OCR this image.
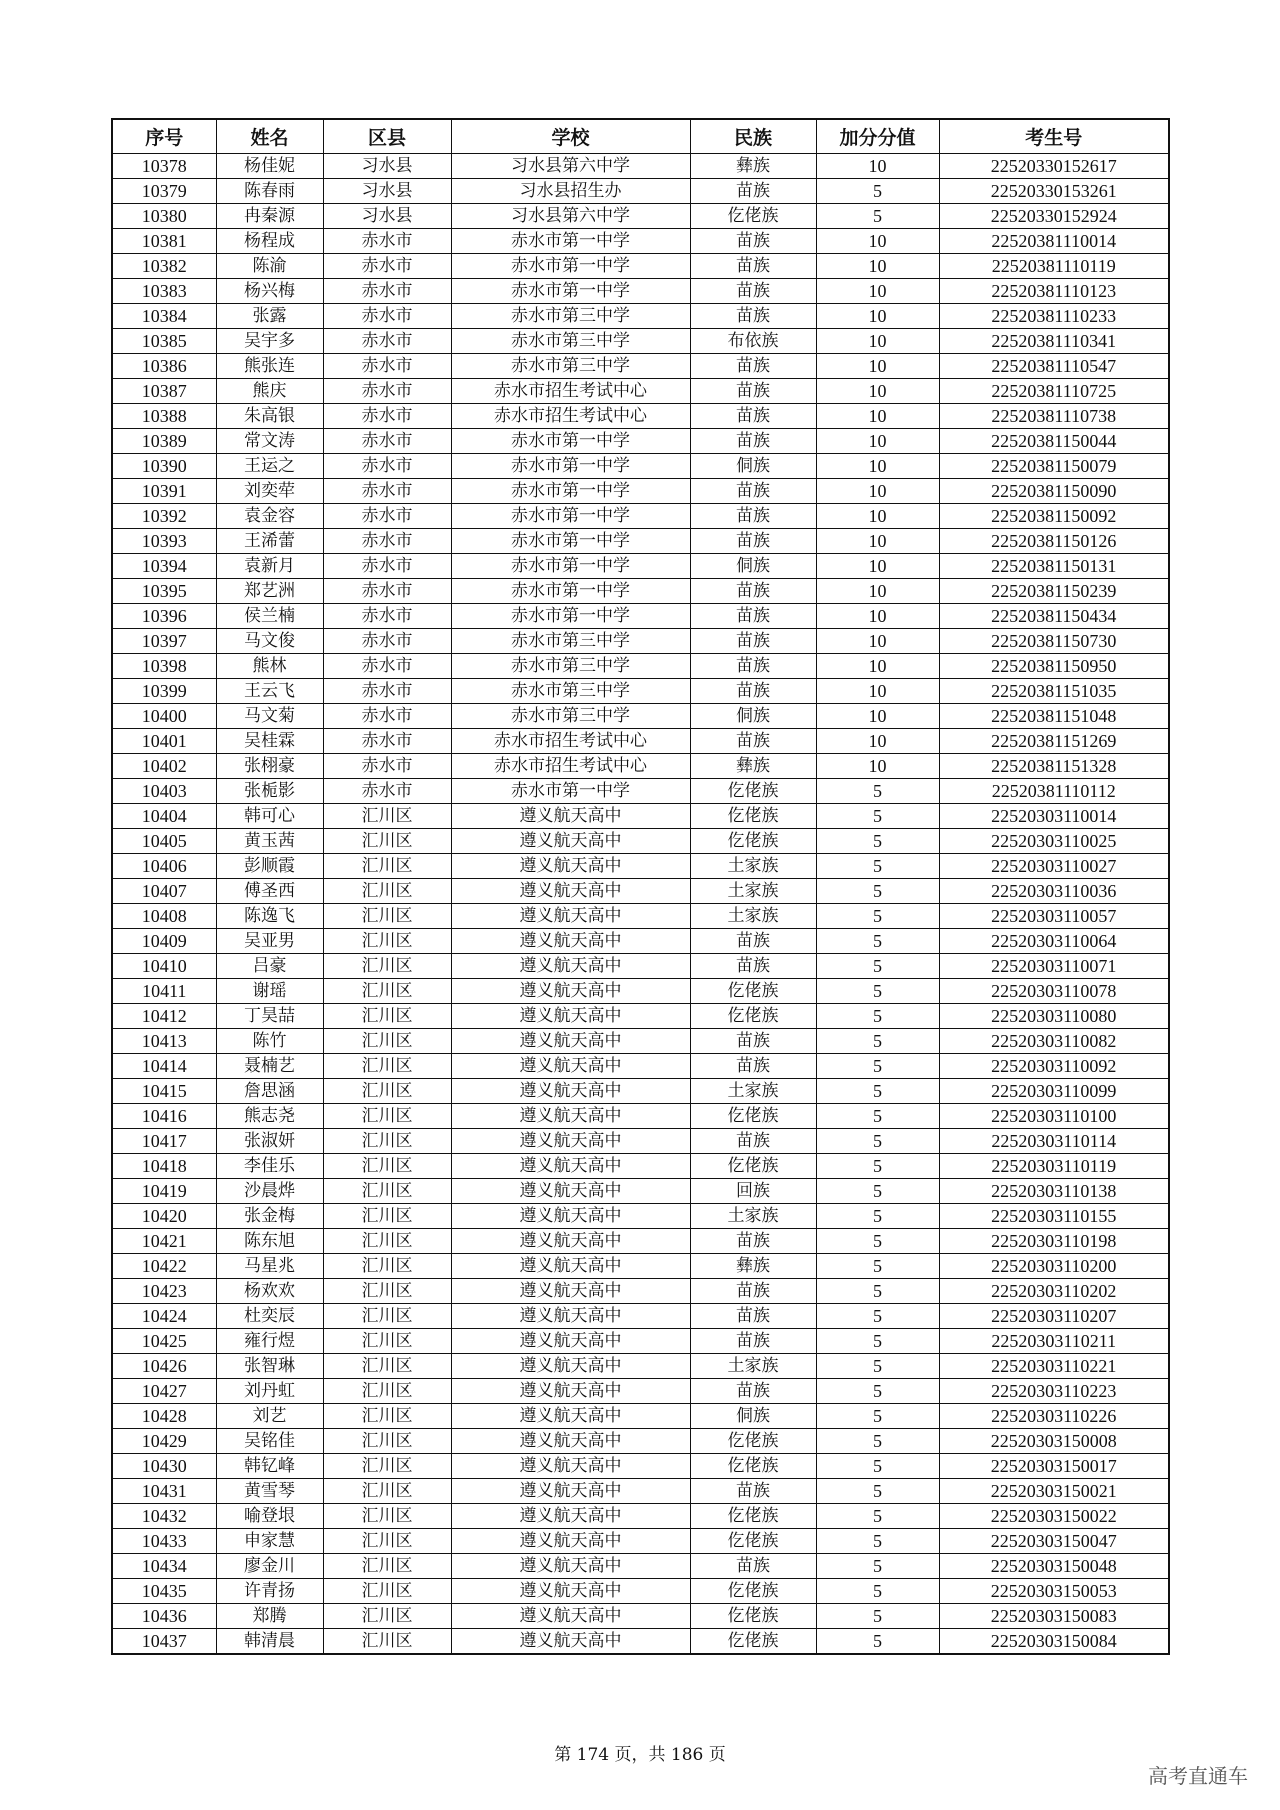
序号	姓名	区县	学校	民族	加分分值	考生号
10378	杨佳妮	习水县	习水县第六中学	彝族	10	22520330152617
10379	陈春雨	习水县	习水县招生办	苗族	5	22520330153261
10380	冉秦源	习水县	习水县第六中学	仡佬族	5	22520330152924
10381	杨程成	赤水市	赤水市第一中学	苗族	10	22520381110014
10382	陈渝	赤水市	赤水市第一中学	苗族	10	22520381110119
10383	杨兴梅	赤水市	赤水市第一中学	苗族	10	22520381110123
10384	张露	赤水市	赤水市第三中学	苗族	10	22520381110233
10385	吴宇多	赤水市	赤水市第三中学	布依族	10	22520381110341
10386	熊张连	赤水市	赤水市第三中学	苗族	10	22520381110547
10387	熊庆	赤水市	赤水市招生考试中心	苗族	10	22520381110725
10388	朱高银	赤水市	赤水市招生考试中心	苗族	10	22520381110738
10389	常文涛	赤水市	赤水市第一中学	苗族	10	22520381150044
10390	王运之	赤水市	赤水市第一中学	侗族	10	22520381150079
10391	刘奕荦	赤水市	赤水市第一中学	苗族	10	22520381150090
10392	袁金容	赤水市	赤水市第一中学	苗族	10	22520381150092
10393	王浠蕾	赤水市	赤水市第一中学	苗族	10	22520381150126
10394	袁新月	赤水市	赤水市第一中学	侗族	10	22520381150131
10395	郑艺洲	赤水市	赤水市第一中学	苗族	10	22520381150239
10396	侯兰楠	赤水市	赤水市第一中学	苗族	10	22520381150434
10397	马文俊	赤水市	赤水市第三中学	苗族	10	22520381150730
10398	熊林	赤水市	赤水市第三中学	苗族	10	22520381150950
10399	王云飞	赤水市	赤水市第三中学	苗族	10	22520381151035
10400	马文菊	赤水市	赤水市第三中学	侗族	10	22520381151048
10401	吴桂霖	赤水市	赤水市招生考试中心	苗族	10	22520381151269
10402	张栩豪	赤水市	赤水市招生考试中心	彝族	10	22520381151328
10403	张栀影	赤水市	赤水市第一中学	仡佬族	5	22520381110112
10404	韩可心	汇川区	遵义航天高中	仡佬族	5	22520303110014
10405	黄玉茜	汇川区	遵义航天高中	仡佬族	5	22520303110025
10406	彭顺霞	汇川区	遵义航天高中	土家族	5	22520303110027
10407	傅圣西	汇川区	遵义航天高中	土家族	5	22520303110036
10408	陈逸飞	汇川区	遵义航天高中	土家族	5	22520303110057
10409	吴亚男	汇川区	遵义航天高中	苗族	5	22520303110064
10410	吕豪	汇川区	遵义航天高中	苗族	5	22520303110071
10411	谢瑶	汇川区	遵义航天高中	仡佬族	5	22520303110078
10412	丁昊喆	汇川区	遵义航天高中	仡佬族	5	22520303110080
10413	陈竹	汇川区	遵义航天高中	苗族	5	22520303110082
10414	聂楠艺	汇川区	遵义航天高中	苗族	5	22520303110092
10415	詹思涵	汇川区	遵义航天高中	土家族	5	22520303110099
10416	熊志尧	汇川区	遵义航天高中	仡佬族	5	22520303110100
10417	张淑妍	汇川区	遵义航天高中	苗族	5	22520303110114
10418	李佳乐	汇川区	遵义航天高中	仡佬族	5	22520303110119
10419	沙晨烨	汇川区	遵义航天高中	回族	5	22520303110138
10420	张金梅	汇川区	遵义航天高中	土家族	5	22520303110155
10421	陈东旭	汇川区	遵义航天高中	苗族	5	22520303110198
10422	马星兆	汇川区	遵义航天高中	彝族	5	22520303110200
10423	杨欢欢	汇川区	遵义航天高中	苗族	5	22520303110202
10424	杜奕辰	汇川区	遵义航天高中	苗族	5	22520303110207
10425	雍行煜	汇川区	遵义航天高中	苗族	5	22520303110211
10426	张智琳	汇川区	遵义航天高中	土家族	5	22520303110221
10427	刘丹虹	汇川区	遵义航天高中	苗族	5	22520303110223
10428	刘艺	汇川区	遵义航天高中	侗族	5	22520303110226
10429	吴铭佳	汇川区	遵义航天高中	仡佬族	5	22520303150008
10430	韩钇峰	汇川区	遵义航天高中	仡佬族	5	22520303150017
10431	黄雪琴	汇川区	遵义航天高中	苗族	5	22520303150021
10432	喻登垠	汇川区	遵义航天高中	仡佬族	5	22520303150022
10433	申家慧	汇川区	遵义航天高中	仡佬族	5	22520303150047
10434	廖金川	汇川区	遵义航天高中	苗族	5	22520303150048
10435	许青扬	汇川区	遵义航天高中	仡佬族	5	22520303150053
10436	郑腾	汇川区	遵义航天高中	仡佬族	5	22520303150083
10437	韩清晨	汇川区	遵义航天高中	仡佬族	5	22520303150084
第 174 页，共 186 页
高考直通车
